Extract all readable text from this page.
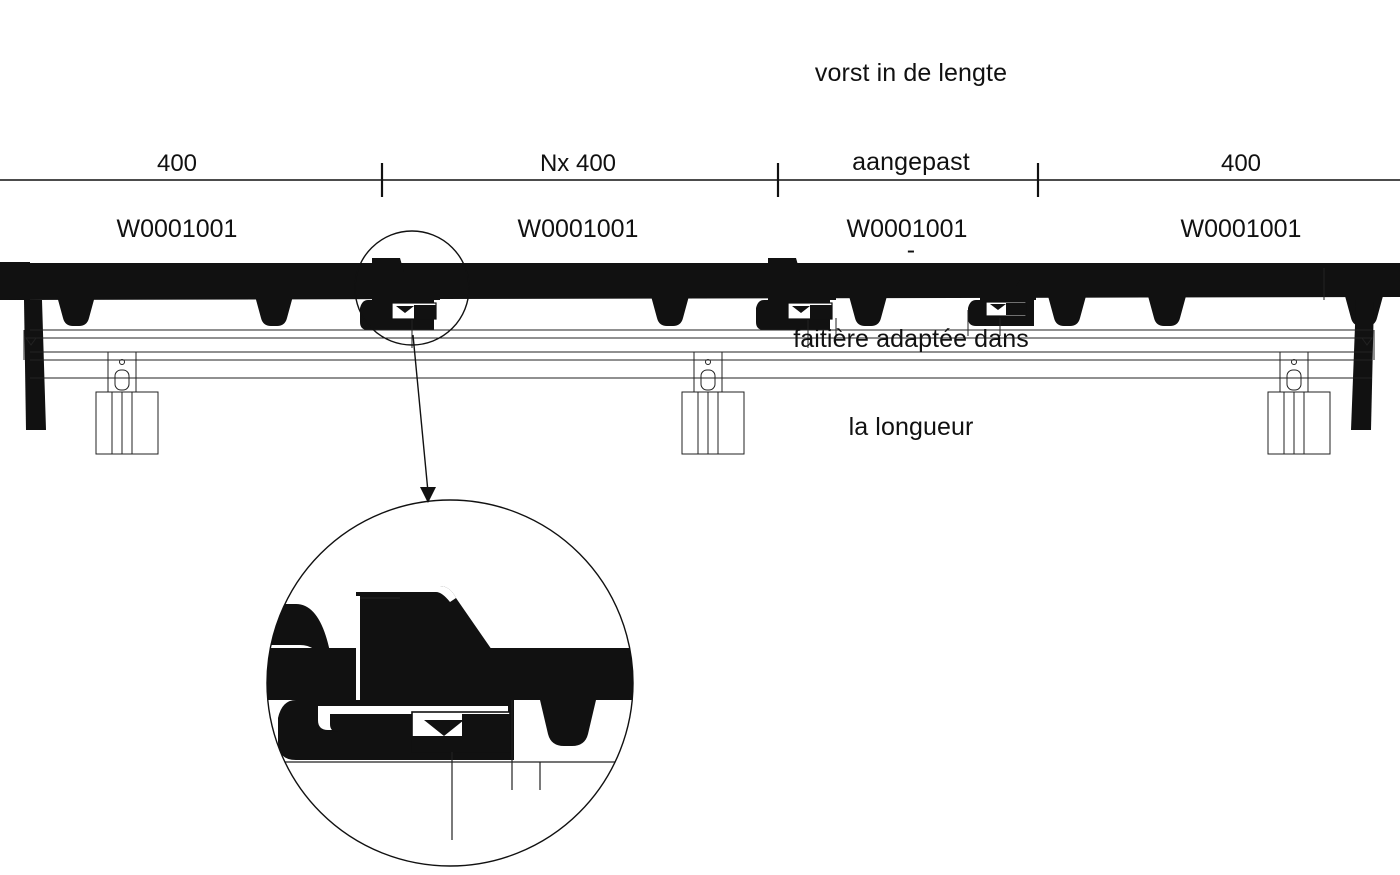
vorst in de lengte

aangepast

-

faitière adaptée dans

la longueur

400	Nx 400	400
W0001001	W0001001	W0001001	W0001001
